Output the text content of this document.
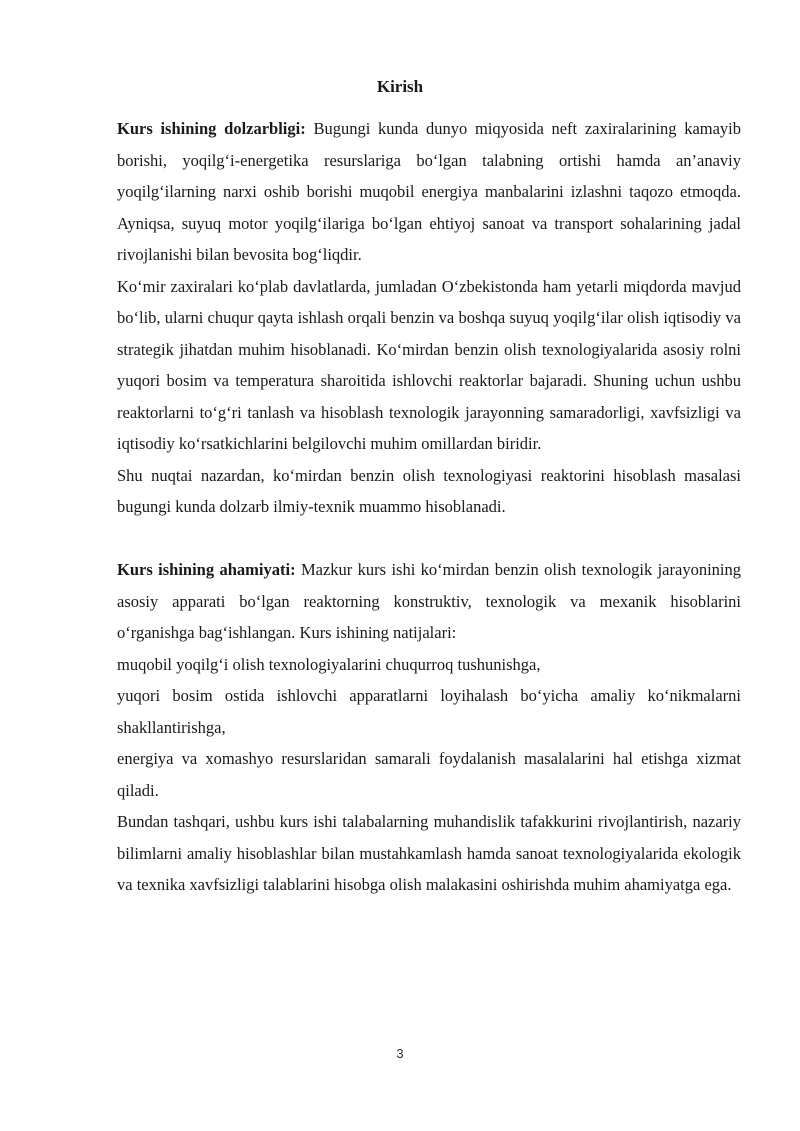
Kirish

Kurs ishining dolzarbligi: Bugungi kunda dunyo miqyosida neft zaxiralarining kamayib borishi, yoqilg‘i-energetika resurslariga bo‘lgan talabning ortishi hamda an’anaviy yoqilg‘ilarning narxi oshib borishi muqobil energiya manbalarini izlashni taqozo etmoqda. Ayniqsa, suyuq motor yoqilg‘ilariga bo‘lgan ehtiyoj sanoat va transport sohalarining jadal rivojlanishi bilan bevosita bog‘liqdir.

Ko‘mir zaxiralari ko‘plab davlatlarda, jumladan O‘zbekistonda ham yetarli miqdorda mavjud bo‘lib, ularni chuqur qayta ishlash orqali benzin va boshqa suyuq yoqilg‘ilar olish iqtisodiy va strategik jihatdan muhim hisoblanadi. Ko‘mirdan benzin olish texnologiyalarida asosiy rolni yuqori bosim va temperatura sharoitida ishlovchi reaktorlar bajaradi. Shuning uchun ushbu reaktorlarni to‘g‘ri tanlash va hisoblash texnologik jarayonning samaradorligi, xavfsizligi va iqtisodiy ko‘rsatkichlarini belgilovchi muhim omillardan biridir.

Shu nuqtai nazardan, ko‘mirdan benzin olish texnologiyasi reaktorini hisoblash masalasi bugungi kunda dolzarb ilmiy-texnik muammo hisoblanadi.

Kurs ishining ahamiyati: Mazkur kurs ishi ko‘mirdan benzin olish texnologik jarayonining asosiy apparati bo‘lgan reaktorning konstruktiv, texnologik va mexanik hisoblarini o‘rganishga bag‘ishlangan. Kurs ishining natijalari:

muqobil yoqilg‘i olish texnologiyalarini chuqurroq tushunishga,

yuqori bosim ostida ishlovchi apparatlarni loyihalash bo‘yicha amaliy ko‘nikmalarni shakllantirishga,

energiya va xomashyo resurslaridan samarali foydalanish masalalarini hal etishga xizmat qiladi.

Bundan tashqari, ushbu kurs ishi talabalarning muhandislik tafakkurini rivojlantirish, nazariy bilimlarni amaliy hisoblashlar bilan mustahkamlash hamda sanoat texnologiyalarida ekologik va texnika xavfsizligi talablarini hisobga olish malakasini oshirishda muhim ahamiyatga ega.

3
